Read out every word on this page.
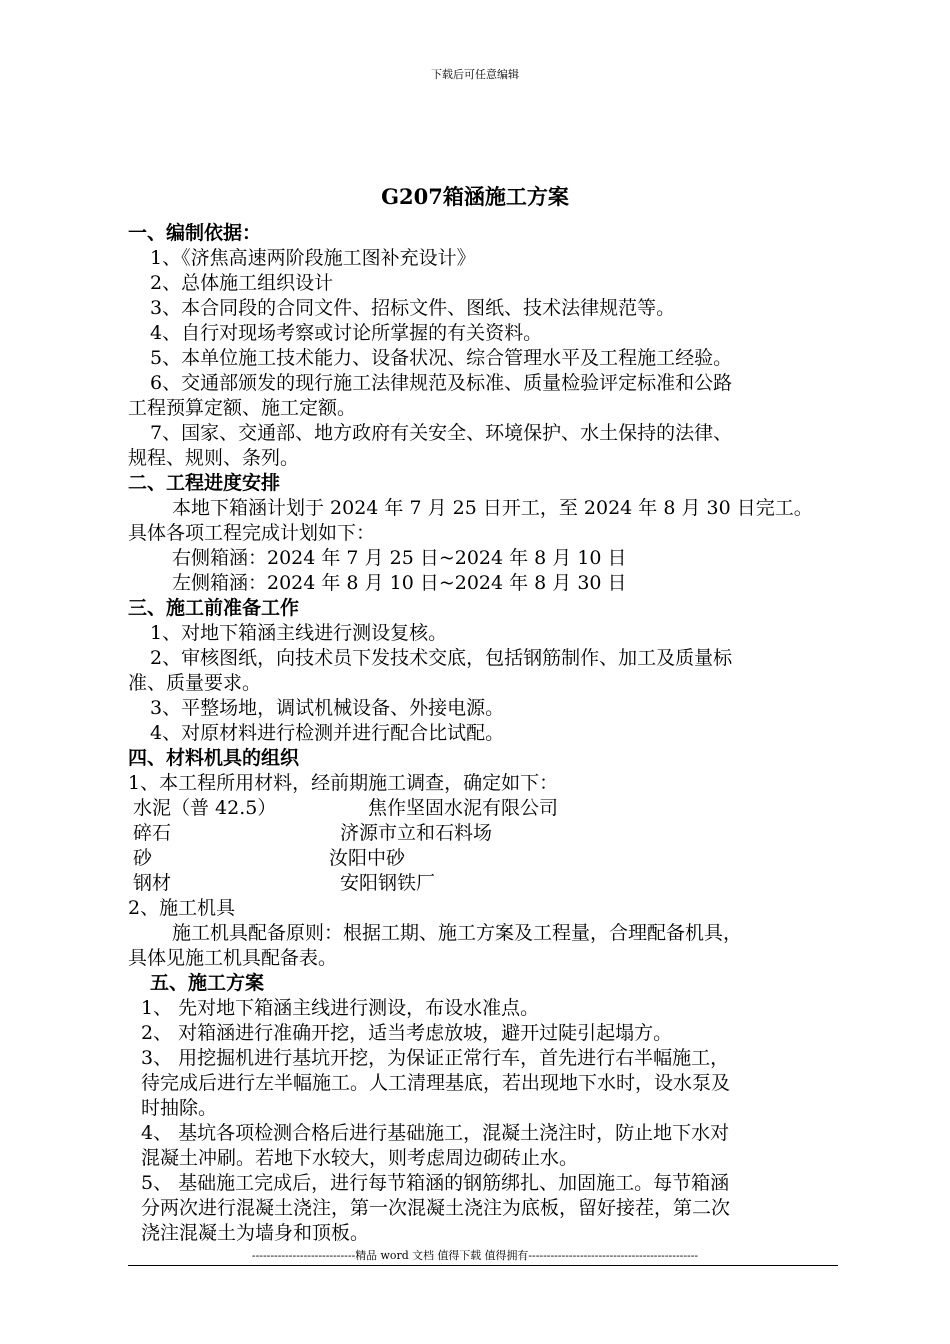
下载后可任意编辑
G207箱涵施工方案
一、编制依据：
1、《济焦高速两阶段施工图补充设计》
2、总体施工组织设计
3、本合同段的合同文件、招标文件、图纸、技术法律规范等。
4、自行对现场考察或讨论所掌握的有关资料。
5、本单位施工技术能力、设备状况、综合管理水平及工程施工经验。
6、交通部颁发的现行施工法律规范及标准、质量检验评定标准和公路
工程预算定额、施工定额。
7、国家、交通部、地方政府有关安全、环境保护、水土保持的法律、
规程、规则、条列。
二、工程进度安排
本地下箱涵计划于 2024 年 7 月 25 日开工，至 2024 年 8 月 30 日完工。
具体各项工程完成计划如下：
右侧箱涵：2024 年 7 月 25 日~2024 年 8 月 10 日
左侧箱涵：2024 年 8 月 10 日~2024 年 8 月 30 日
三、施工前准备工作
1、对地下箱涵主线进行测设复核。
2、审核图纸，向技术员下发技术交底，包括钢筋制作、加工及质量标
准、质量要求。
3、平整场地，调试机械设备、外接电源。
4、对原材料进行检测并进行配合比试配。
四、材料机具的组织
1、本工程所用材料，经前期施工调查，确定如下：
水泥（普 42.5）	焦作坚固水泥有限公司
碎石	济源市立和石料场
砂	汝阳中砂
钢材	安阳钢铁厂
2、施工机具
施工机具配备原则：根据工期、施工方案及工程量，合理配备机具，
具体见施工机具配备表。
五、施工方案
1、 先对地下箱涵主线进行测设，布设水准点。
2、 对箱涵进行准确开挖，适当考虑放坡，避开过陡引起塌方。
3、 用挖掘机进行基坑开挖，为保证正常行车，首先进行右半幅施工，
待完成后进行左半幅施工。人工清理基底，若出现地下水时，设水泵及
时抽除。
4、 基坑各项检测合格后进行基础施工，混凝土浇注时，防止地下水对
混凝土冲刷。若地下水较大，则考虑周边砌砖止水。
5、 基础施工完成后，进行每节箱涵的钢筋绑扎、加固施工。每节箱涵
分两次进行混凝土浇注，第一次混凝土浇注为底板，留好接茬，第二次
浇注混凝土为墙身和顶板。
----------------------------精品 word 文档 值得下载 值得拥有----------------------------------------------
